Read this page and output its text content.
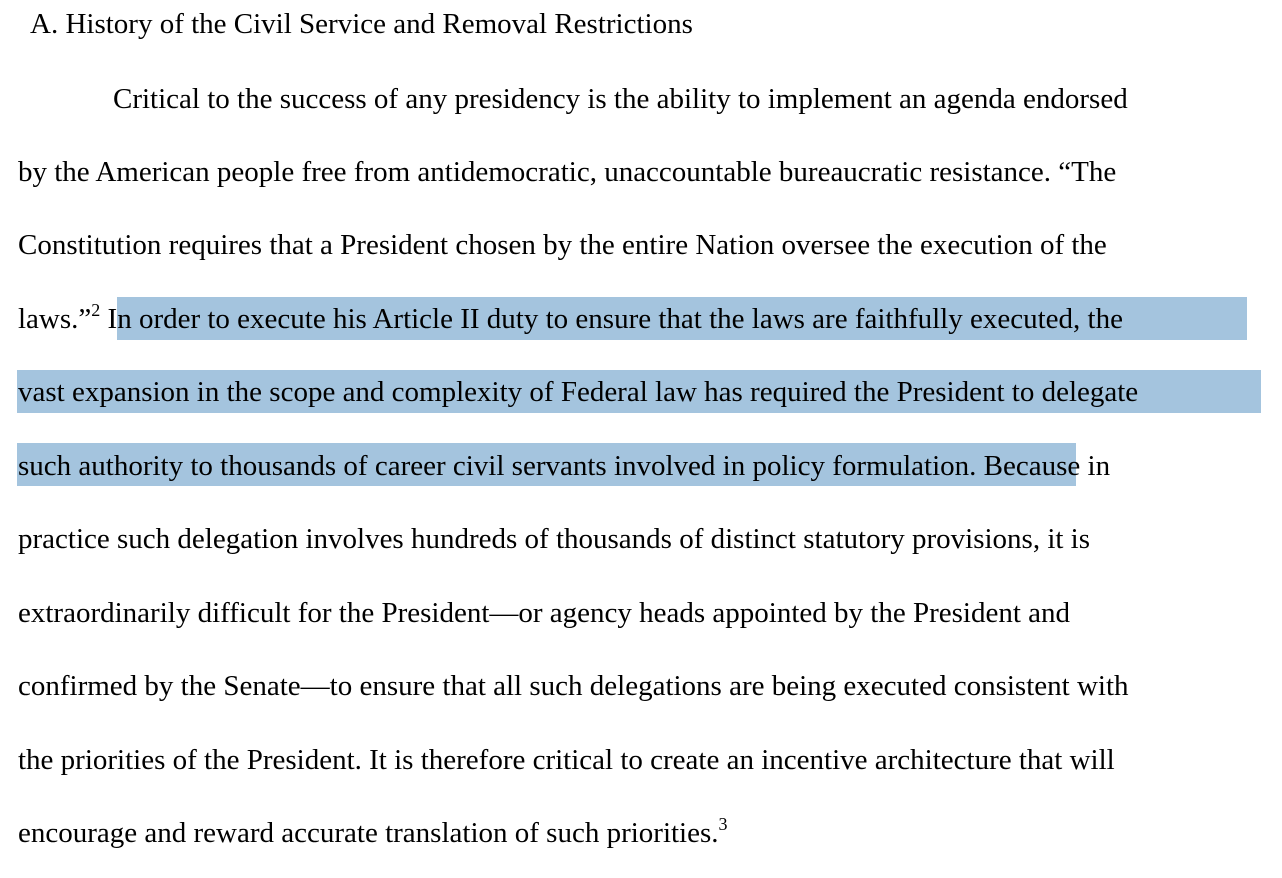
A. History of the Civil Service and Removal Restrictions
Critical to the success of any presidency is the ability to implement an agenda endorsed
by the American people free from antidemocratic, unaccountable bureaucratic resistance. “The
Constitution requires that a President chosen by the entire Nation oversee the execution of the
laws.”$^2$ In order to execute his Article II duty to ensure that the laws are faithfully executed, the
vast expansion in the scope and complexity of Federal law has required the President to delegate
such authority to thousands of career civil servants involved in policy formulation. Because in
practice such delegation involves hundreds of thousands of distinct statutory provisions, it is
extraordinarily difficult for the President—or agency heads appointed by the President and
confirmed by the Senate—to ensure that all such delegations are being executed consistent with
the priorities of the President. It is therefore critical to create an incentive architecture that will
encourage and reward accurate translation of such priorities.$^3$
